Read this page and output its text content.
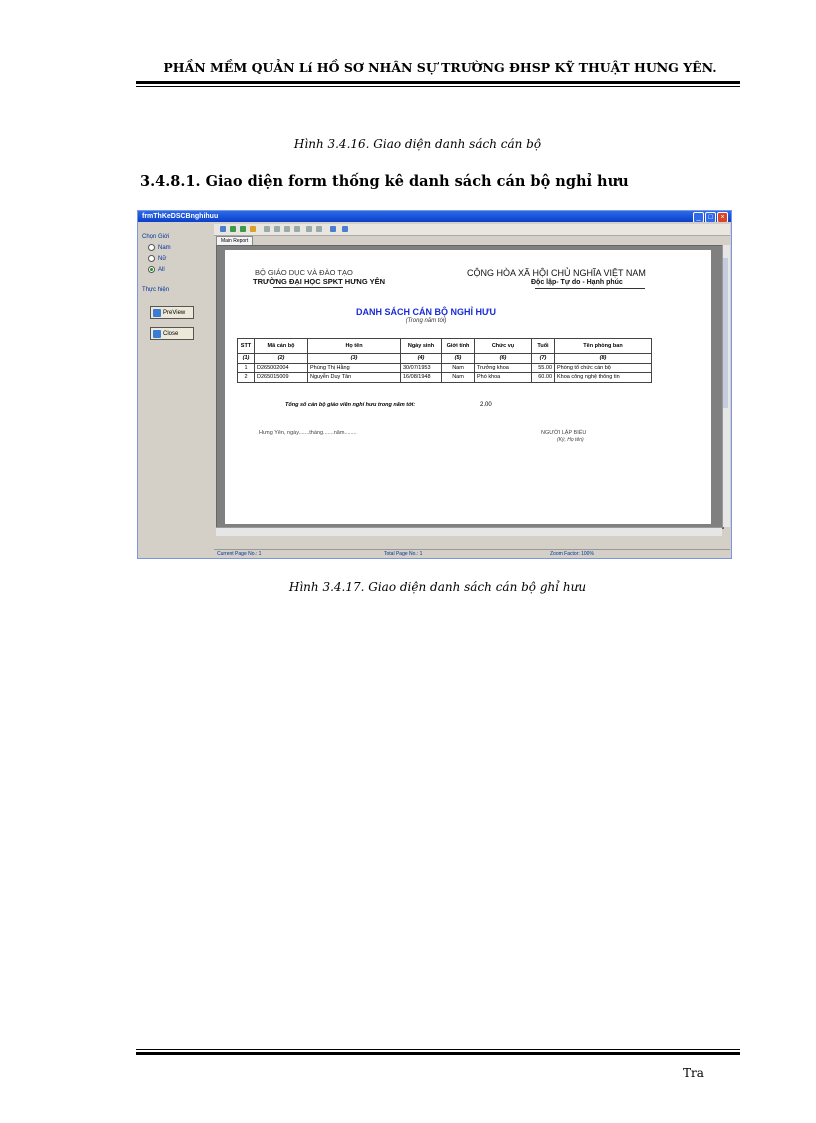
PHẦN MỀM QUẢN Lí HỒ SƠ NHÂN SỰ TRƯỜNG ĐHSP KỸ THUẬT HƯNG YÊN.
Hình 3.4.16. Giao diện danh sách cán bộ
3.4.8.1. Giao diện form thống kê danh sách cán bộ nghỉ hưu
frmThKeDSCBnghihuu	_	□	×
Chọn Giới
Nam
Nữ
All
Thực hiện
PreView
Close
Main Report
BỘ GIÁO DỤC VÀ ĐÀO TẠO
TRƯỜNG ĐẠI HỌC SPKT HƯNG YÊN
CỘNG HÒA XÃ HỘI CHỦ NGHĨA VIỆT NAM
Độc lập- Tự do - Hạnh phúc
DANH SÁCH CÁN BỘ NGHỈ HƯU
(Trong năm tới)
STT	Mã cán bộ	Họ tên	Ngày sinh	Giới tính	Chức vụ	Tuổi	Tên phòng ban
(1)	(2)	(3)	(4)	(5)	(6)	(7)	(8)
1	D265002004	Phùng Thị Hằng	30/07/1953	Nam	Trưởng khoa	55.00	Phòng tổ chức cán bộ
2	D265015009	Nguyễn Duy Tân	16/08/1948	Nam	Phó khoa	60.00	Khoa công nghệ thông tin
Tổng số cán bộ giáo viên nghỉ hưu trong năm tới:	2.00
Hưng Yên, ngày.......tháng.......năm........	NGƯỜI LẬP BIỂU
(Ký, Họ tên)
Current Page No.: 1	Total Page No.: 1	Zoom Factor: 100%
Hình 3.4.17. Giao diện danh sách cán bộ ghỉ hưu
Tra
